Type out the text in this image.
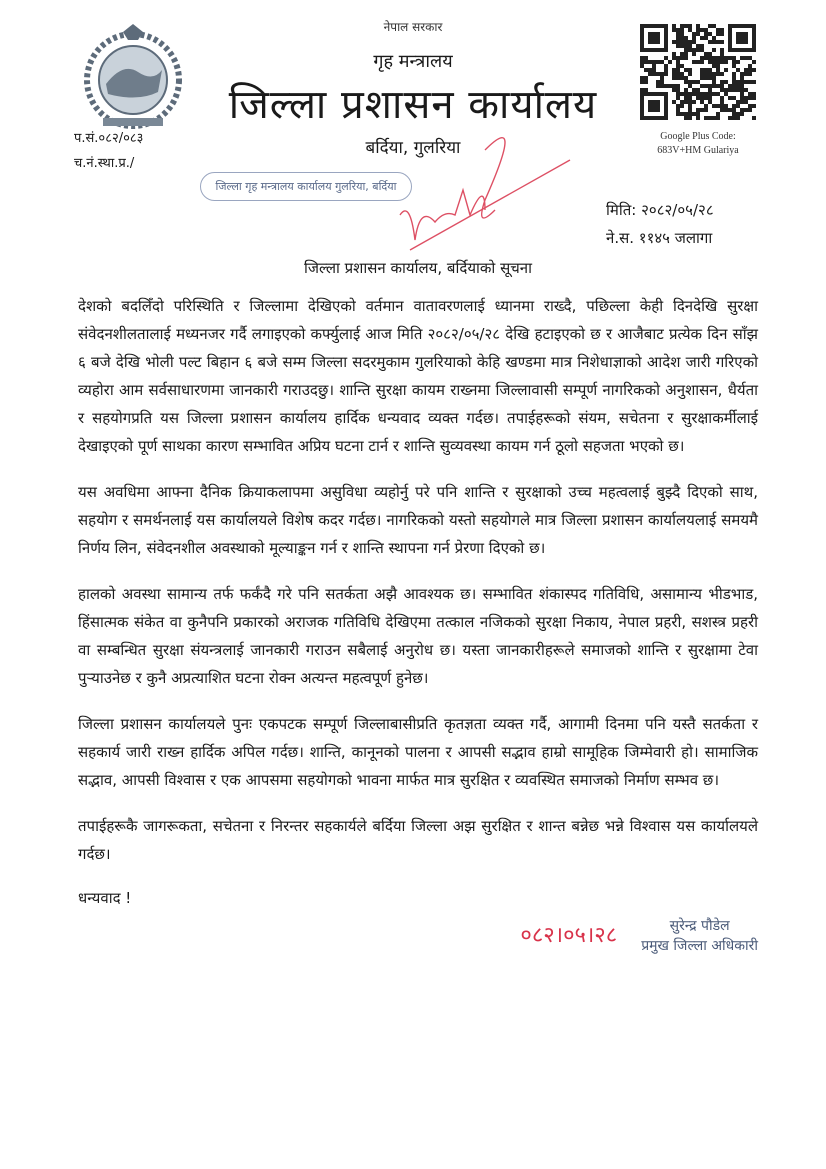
नेपाल सरकार
गृह मन्त्रालय
जिल्ला प्रशासन कार्यालय
बर्दिया, गुलरिया
प.सं.०८२/०८३
च.नं.स्था.प्र./
Google Plus Code:
683V+HM Gulariya
जिल्ला गृह मन्त्रालय कार्यालय गुलरिया, बर्दिया
मिति: २०८२/०५/२८
ने.स. ११४५ जलागा
जिल्ला प्रशासन कार्यालय, बर्दियाको सूचना

देशको बदलिँदो परिस्थिति र जिल्लामा देखिएको वर्तमान वातावरणलाई ध्यानमा राख्दै, पछिल्ला केही दिनदेखि सुरक्षा संवेदनशीलतालाई मध्यनजर गर्दै लगाइएको कर्फ्युलाई आज मिति २०८२/०५/२८ देखि हटाइएको छ र आजैबाट प्रत्येक दिन साँझ ६ बजे देखि भोली पल्ट बिहान ६ बजे सम्म जिल्ला सदरमुकाम गुलरियाको केहि खण्डमा मात्र निशेधाज्ञाको आदेश जारी गरिएको व्यहोरा आम सर्वसाधारणमा जानकारी गराउदछु। शान्ति सुरक्षा कायम राख्नमा जिल्लावासी सम्पूर्ण नागरिकको अनुशासन, धैर्यता र सहयोगप्रति यस जिल्ला प्रशासन कार्यालय हार्दिक धन्यवाद व्यक्त गर्दछ। तपाईहरूको संयम, सचेतना र सुरक्षाकर्मीलाई देखाइएको पूर्ण साथका कारण सम्भावित अप्रिय घटना टार्न र शान्ति सुव्यवस्था कायम गर्न ठूलो सहजता भएको छ।

यस अवधिमा आफ्ना दैनिक क्रियाकलापमा असुविधा व्यहोर्नु परे पनि शान्ति र सुरक्षाको उच्च महत्वलाई बुझ्दै दिएको साथ, सहयोग र समर्थनलाई यस कार्यालयले विशेष कदर गर्दछ। नागरिकको यस्तो सहयोगले मात्र जिल्ला प्रशासन कार्यालयलाई समयमै निर्णय लिन, संवेदनशील अवस्थाको मूल्याङ्कन गर्न र शान्ति स्थापना गर्न प्रेरणा दिएको छ।

हालको अवस्था सामान्य तर्फ फर्कंदै गरे पनि सतर्कता अझै आवश्यक छ। सम्भावित शंकास्पद गतिविधि, असामान्य भीडभाड, हिंसात्मक संकेत वा कुनैपनि प्रकारको अराजक गतिविधि देखिएमा तत्काल नजिकको सुरक्षा निकाय, नेपाल प्रहरी, सशस्त्र प्रहरी वा सम्बन्धित सुरक्षा संयन्त्रलाई जानकारी गराउन सबैलाई अनुरोध छ। यस्ता जानकारीहरूले समाजको शान्ति र सुरक्षामा टेवा पुऱ्याउनेछ र कुनै अप्रत्याशित घटना रोक्न अत्यन्त महत्वपूर्ण हुनेछ।

जिल्ला प्रशासन कार्यालयले पुनः एकपटक सम्पूर्ण जिल्लाबासीप्रति कृतज्ञता व्यक्त गर्दै, आगामी दिनमा पनि यस्तै सतर्कता र सहकार्य जारी राख्न हार्दिक अपिल गर्दछ। शान्ति, कानूनको पालना र आपसी सद्भाव हाम्रो सामूहिक जिम्मेवारी हो। सामाजिक सद्भाव, आपसी विश्वास र एक आपसमा सहयोगको भावना मार्फत मात्र सुरक्षित र व्यवस्थित समाजको निर्माण सम्भव छ।

तपाईहरूकै जागरूकता, सचेतना र निरन्तर सहकार्यले बर्दिया जिल्ला अझ सुरक्षित र शान्त बन्नेछ भन्ने विश्वास यस कार्यालयले गर्दछ।

धन्यवाद !
०८२।०५।२८	सुरेन्द्र पौडेल
प्रमुख जिल्ला अधिकारी
